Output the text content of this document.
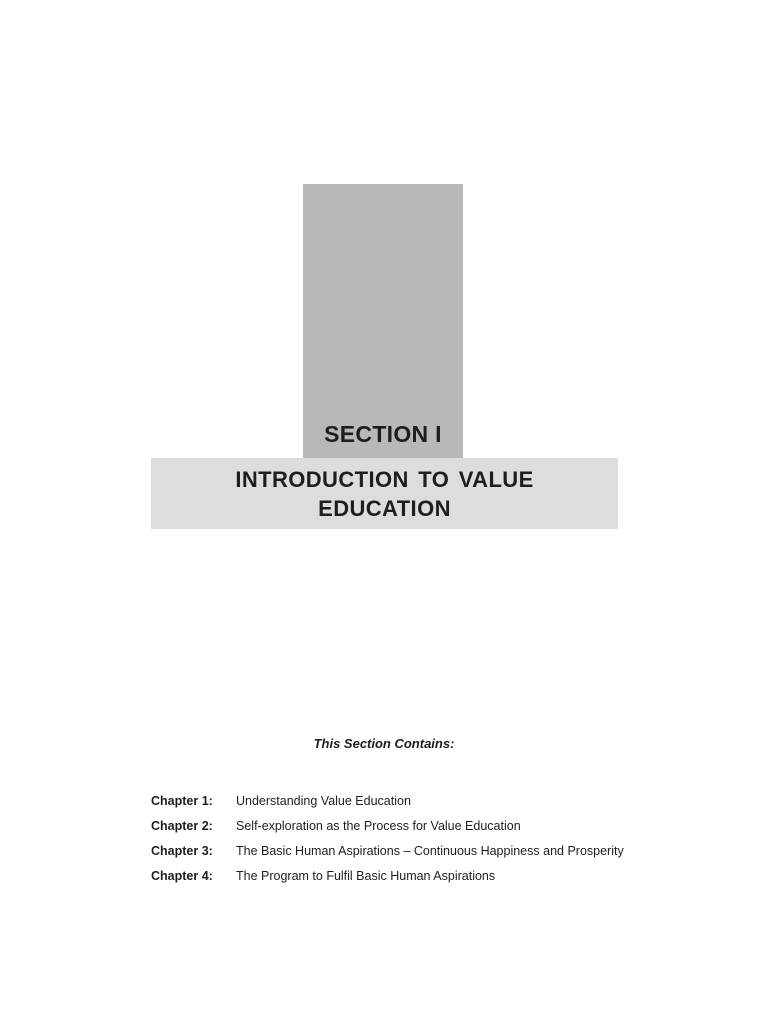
SECTION I
INTRODUCTION TO VALUE
EDUCATION
This Section Contains:
Chapter 1: Understanding Value Education
Chapter 2: Self-exploration as the Process for Value Education
Chapter 3: The Basic Human Aspirations – Continuous Happiness and Prosperity
Chapter 4: The Program to Fulfil Basic Human Aspirations
